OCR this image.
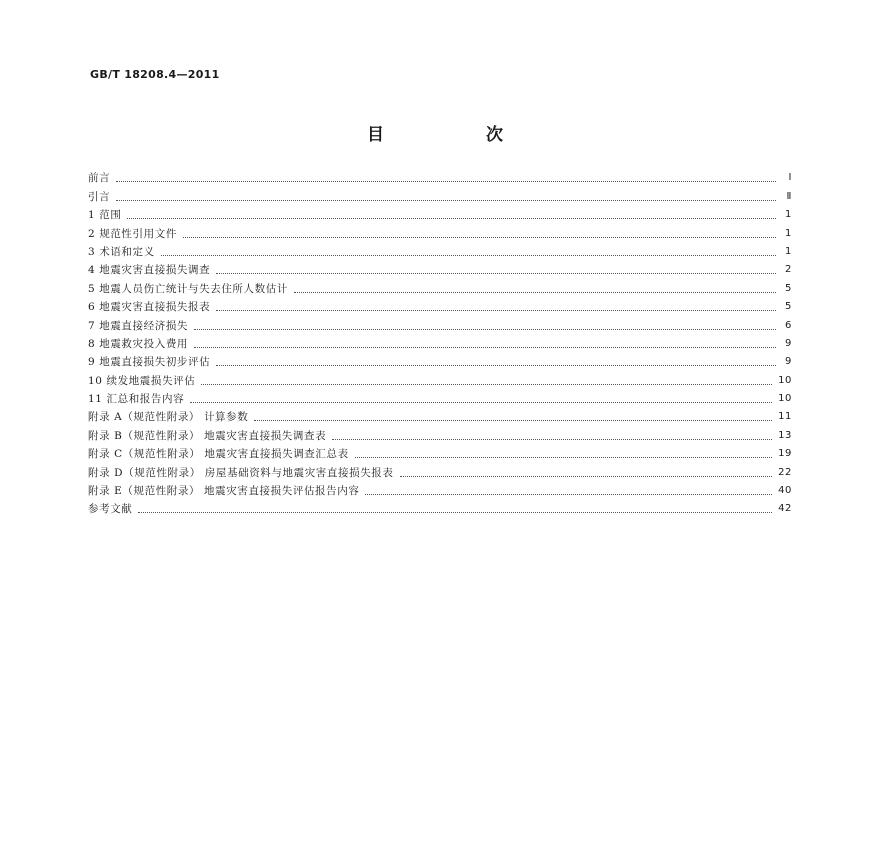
GB/T 18208.4—2011
目 次
前言	Ⅰ
引言	Ⅱ
1 范围	1
2 规范性引用文件	1
3 术语和定义	1
4 地震灾害直接损失调查	2
5 地震人员伤亡统计与失去住所人数估计	5
6 地震灾害直接损失报表	5
7 地震直接经济损失	6
8 地震救灾投入费用	9
9 地震直接损失初步评估	9
10 续发地震损失评估	10
11 汇总和报告内容	10
附录 A（规范性附录） 计算参数	11
附录 B（规范性附录） 地震灾害直接损失调查表	13
附录 C（规范性附录） 地震灾害直接损失调查汇总表	19
附录 D（规范性附录） 房屋基础资料与地震灾害直接损失报表	22
附录 E（规范性附录） 地震灾害直接损失评估报告内容	40
参考文献	42
